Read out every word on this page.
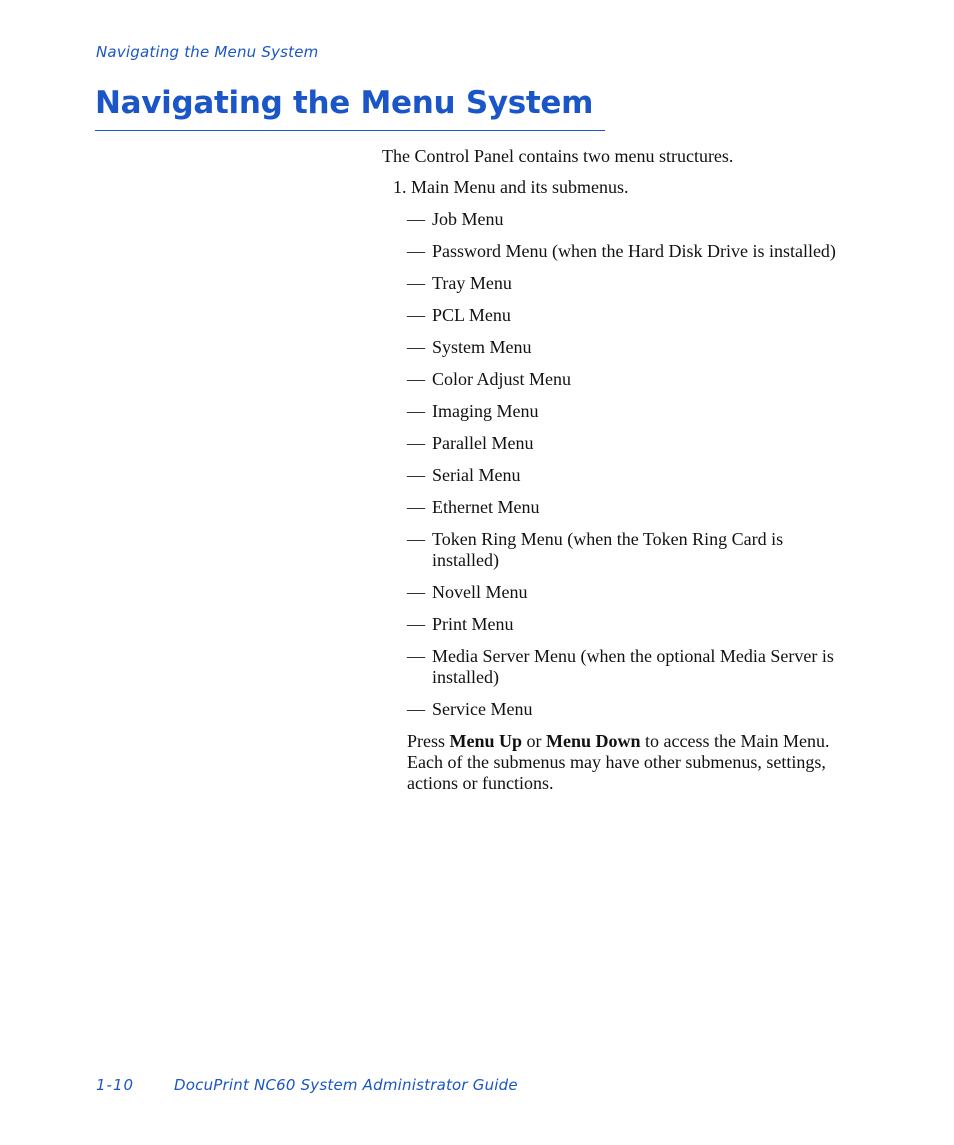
Navigating the Menu System
Navigating the Menu System

The Control Panel contains two menu structures.

1. Main Menu and its submenus.
— Job Menu
— Password Menu (when the Hard Disk Drive is installed)
— Tray Menu
— PCL Menu
— System Menu
— Color Adjust Menu
— Imaging Menu
— Parallel Menu
— Serial Menu
— Ethernet Menu
— Token Ring Menu (when the Token Ring Card is installed)
— Novell Menu
— Print Menu
— Media Server Menu (when the optional Media Server is installed)
— Service Menu

Press Menu Up or Menu Down to access the Main Menu. Each of the submenus may have other submenus, settings, actions or functions.

1-10	DocuPrint NC60 System Administrator Guide
